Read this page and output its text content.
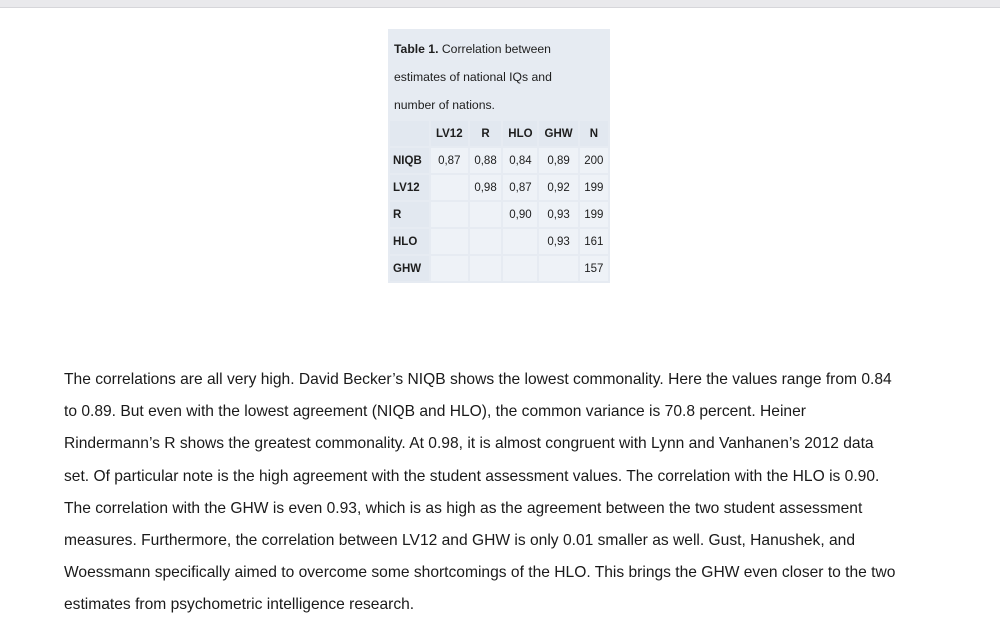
Table 1. Correlation between
estimates of national IQs and
number of nations.
	LV12	R	HLO	GHW	N
NIQB	0,87	0,88	0,84	0,89	200
LV12		0,98	0,87	0,92	199
R			0,90	0,93	199
HLO				0,93	161
GHW					157
The correlations are all very high. David Becker’s NIQB shows the lowest commonality. Here the values range from 0.84
to 0.89. But even with the lowest agreement (NIQB and HLO), the common variance is 70.8 percent. Heiner
Rindermann’s R shows the greatest commonality. At 0.98, it is almost congruent with Lynn and Vanhanen’s 2012 data
set. Of particular note is the high agreement with the student assessment values. The correlation with the HLO is 0.90.
The correlation with the GHW is even 0.93, which is as high as the agreement between the two student assessment
measures. Furthermore, the correlation between LV12 and GHW is only 0.01 smaller as well. Gust, Hanushek, and
Woessmann specifically aimed to overcome some shortcomings of the HLO. This brings the GHW even closer to the two
estimates from psychometric intelligence research.
